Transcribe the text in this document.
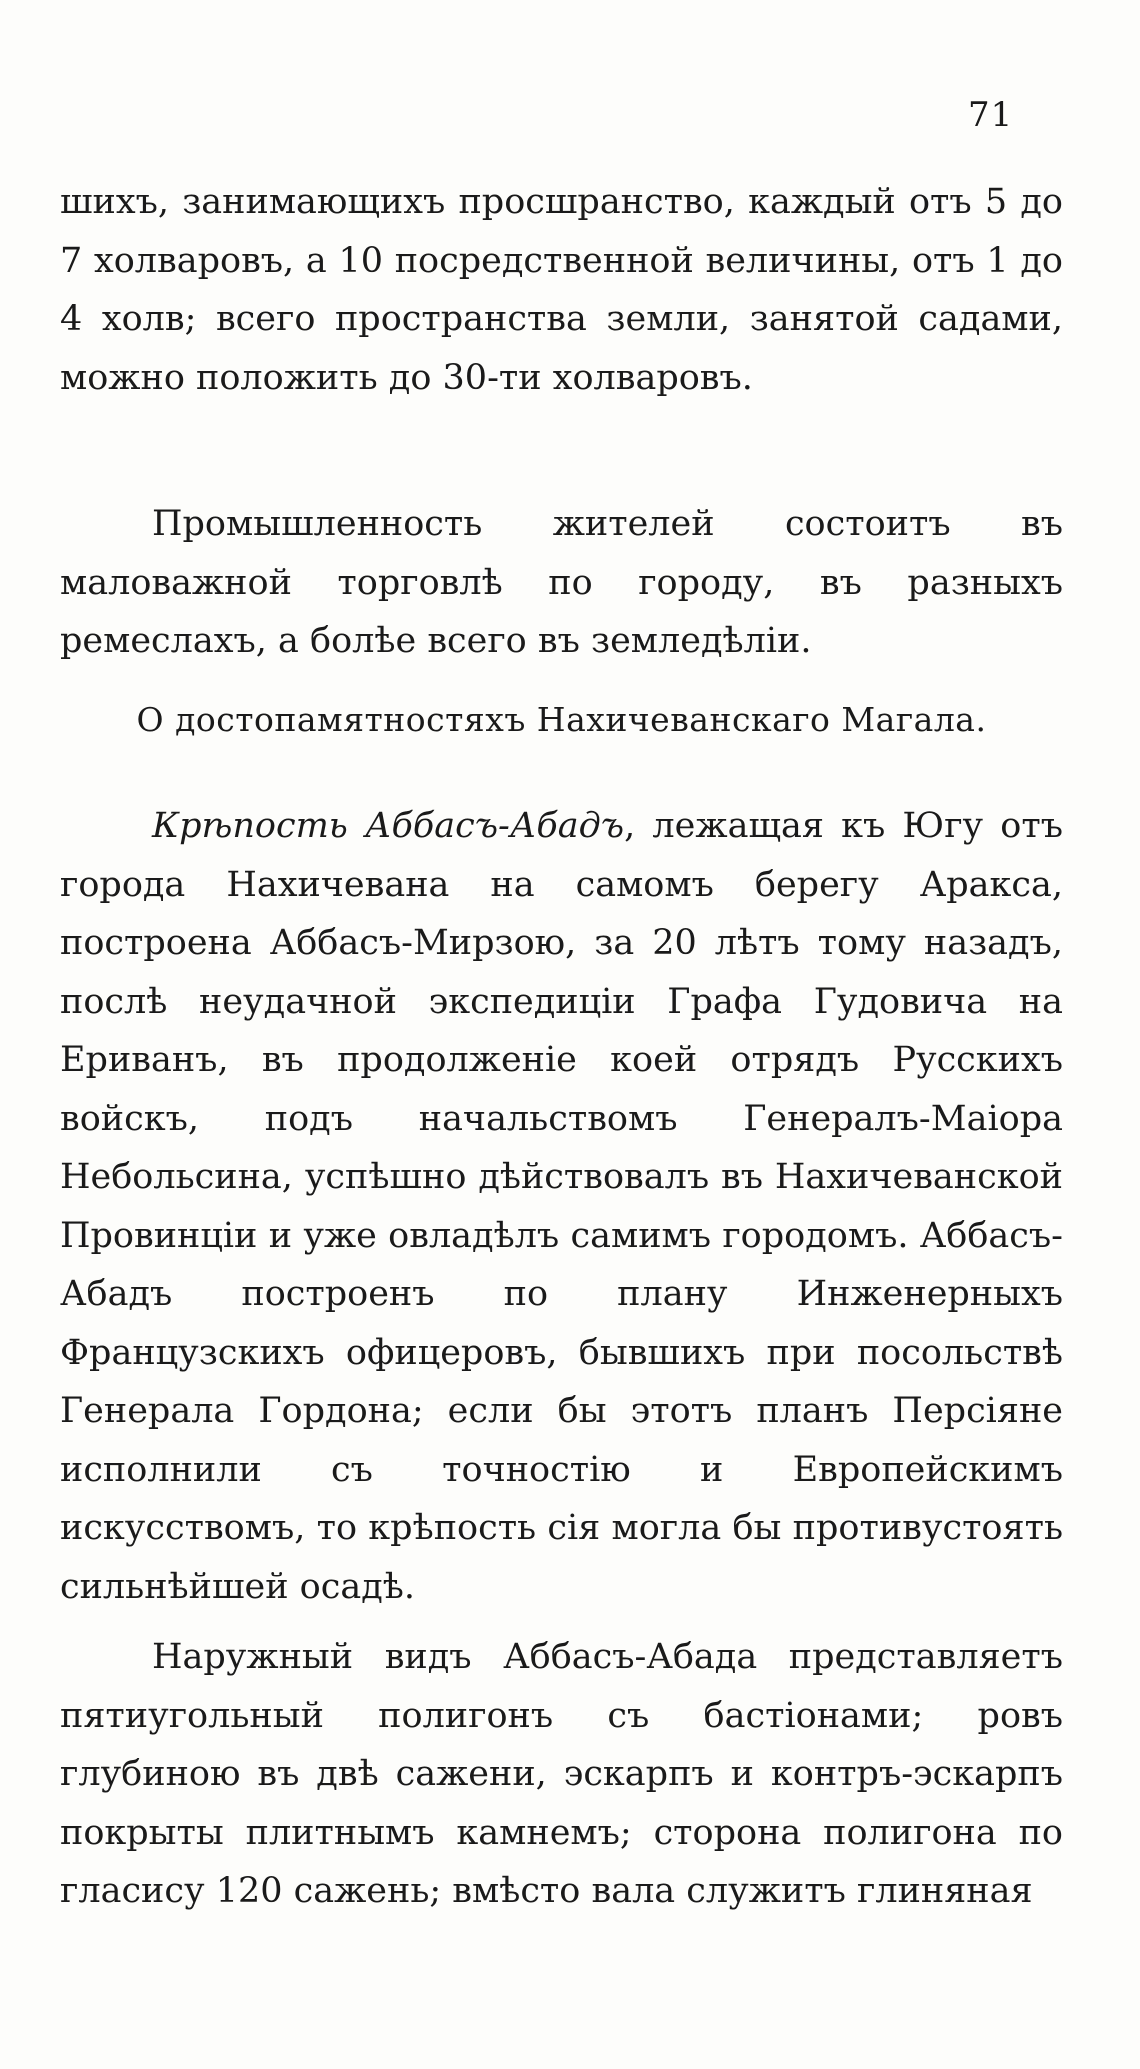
71

шихъ, занимающихъ просшранство, каждый отъ 5 до 7 холваровъ, а 10 посредственной величины, отъ 1 до 4 холв; всего пространства земли, занятой садами, можно положить до 30-ти холваровъ.

Промышленность жителей состоитъ въ маловажной торговлѣ по городу, въ разныхъ ремеслахъ, а болѣе всего въ земледѣлiи.

О достопамятностяхъ Нахичеванскаго Магала.

Крѣпость Аббасъ-Абадъ, лежащая къ Югу отъ города Нахичевана на самомъ берегу Аракса, построена Аббасъ-Мирзою, за 20 лѣтъ тому назадъ, послѣ неудачной экспедицiи Графа Гудовича на Ериванъ, въ продолженiе коей отрядъ Русскихъ войскъ, подъ начальствомъ Генералъ-Маiора Небольсина, успѣшно дѣйствовалъ въ Нахичеванской Провинцiи и уже овладѣлъ самимъ городомъ. Аббасъ-Абадъ построенъ по плану Инженерныхъ Французскихъ офицеровъ, бывшихъ при посольствѣ Генерала Гордона; если бы этотъ планъ Персiяне исполнили съ точностiю и Европейскимъ искусствомъ, то крѣпость сiя могла бы противустоять сильнѣйшей осадѣ.

Наружный видъ Аббасъ-Абада представляетъ пятиугольный полигонъ съ бастiонами; ровъ глубиною въ двѣ сажени, эскарпъ и контръ-эскарпъ покрыты плитнымъ камнемъ; сторона полигона по гласису 120 сажень; вмѣсто вала служитъ глиняная
